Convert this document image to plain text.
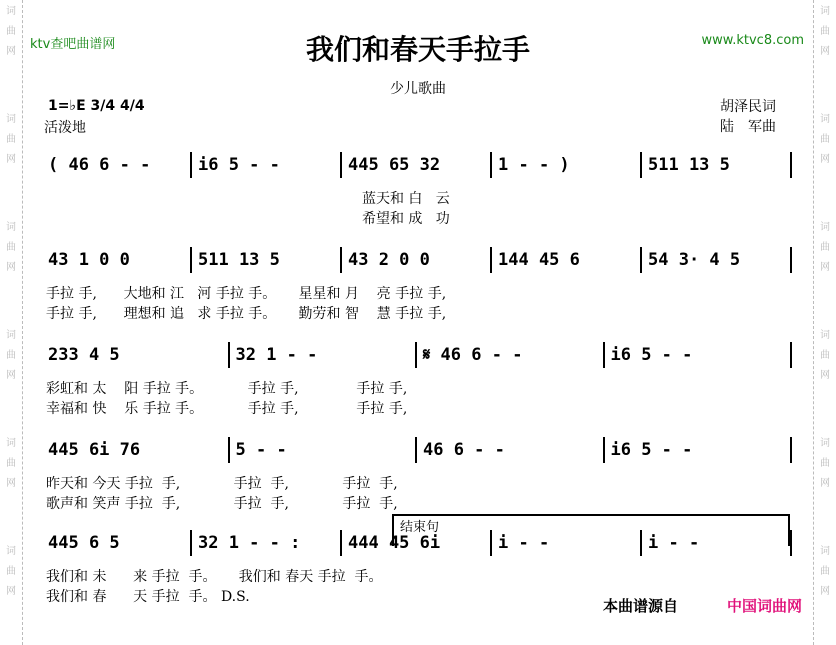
词	词
曲	曲
网	网
词	词
曲	曲
网	网
词	词
曲	曲
网	网
词	词
曲	曲
网	网
词	词
曲	曲
网	网
词	词
曲	曲
网	网
ktv查吧曲谱网	www.ktvc8.com
我们和春天手拉手
少儿歌曲
1=♭E 3/4 4/4
活泼地
胡泽民词
陆　军曲
( 46 6 - -	i6 5 - -	445 65 32	1 - - )	511 13 5
蓝天和 白   云
希望和 成   功
43 1 0 0	511 13 5	43 2 0 0	144 45 6	54 3· 4 5
手拉 手,      大地和 江   河 手拉 手。     星星和 月    亮 手拉 手,
手拉 手,      理想和 追   求 手拉 手。     勤劳和 智    慧 手拉 手,
233 4 5	32 1 - -	𝄋 46 6 - -	i6 5 - -
彩虹和 太    阳 手拉 手。          手拉 手,             手拉 手,
幸福和 快    乐 手拉 手。          手拉 手,             手拉 手,
445 6i 76	5 - -	46 6 - -	i6 5 - -
昨天和 今天 手拉  手,            手拉  手,            手拉  手,
歌声和 笑声 手拉  手,            手拉  手,            手拉  手,
445 6 5	32 1 - - :	444 45 6i	i - -	i - -
我们和 未      来 手拉  手。     我们和 春天 手拉  手。
我们和 春      天 手拉  手。 D.S.
结束句
本曲谱源自	中国词曲网
